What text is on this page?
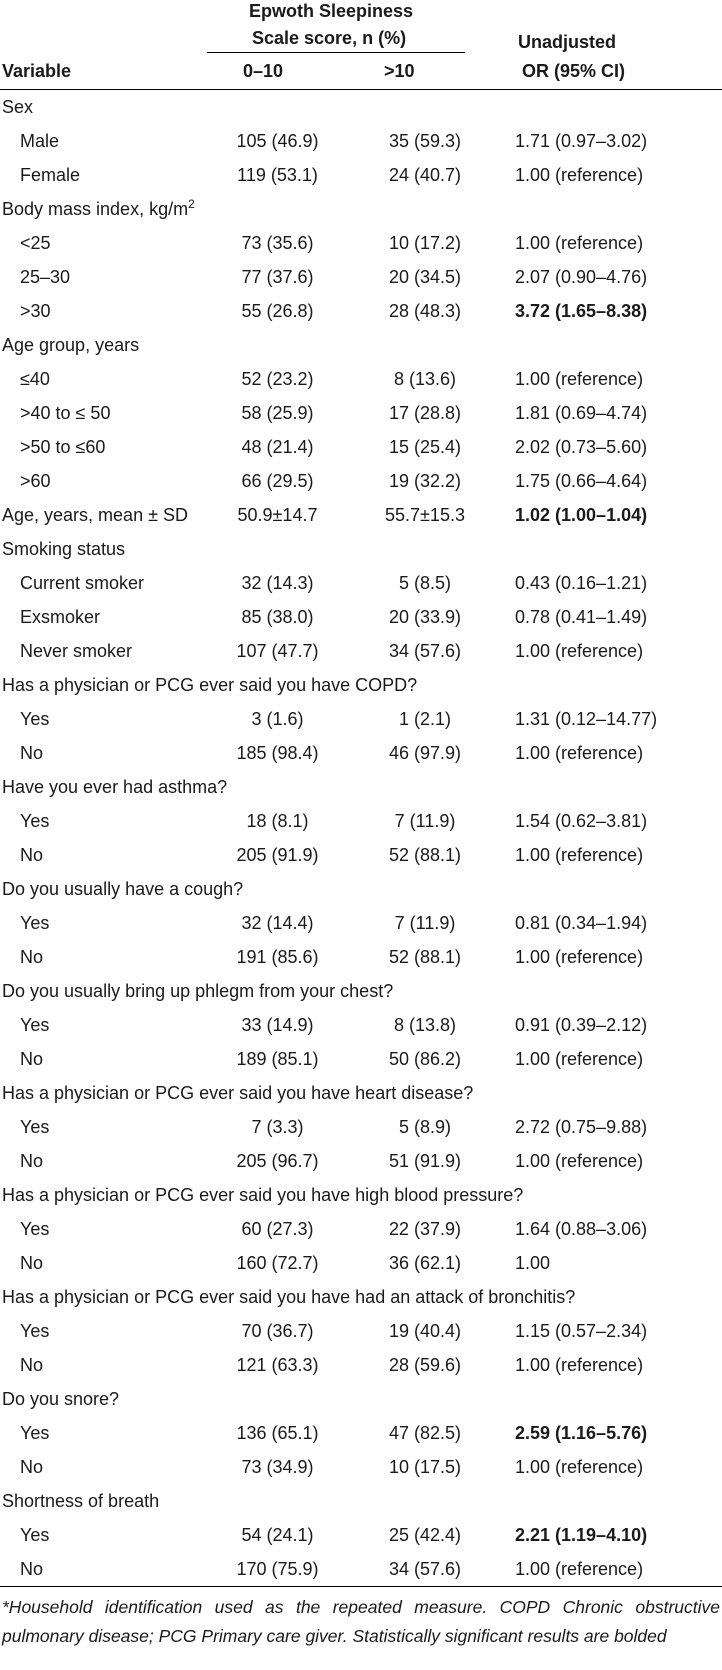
Epwoth Sleepiness
Scale score, n (%)	Unadjusted
OR (95% CI)
Variable	0–10	>10
Sex			
Male	105 (46.9)	35 (59.3)	1.71 (0.97–3.02)
Female	119 (53.1)	24 (40.7)	1.00 (reference)
Body mass index, $kg/m^2$
<25	73 (35.6)	10 (17.2)	1.00 (reference)
25–30	77 (37.6)	20 (34.5)	2.07 (0.90–4.76)
>30	55 (26.8)	28 (48.3)	3.72 (1.65–8.38)
Age group, years			
≤40	52 (23.2)	8 (13.6)	1.00 (reference)
>40 to ≤ 50	58 (25.9)	17 (28.8)	1.81 (0.69–4.74)
>50 to ≤60	48 (21.4)	15 (25.4)	2.02 (0.73–5.60)
>60	66 (29.5)	19 (32.2)	1.75 (0.66–4.64)
Age, years, mean ± SD	50.9±14.7	55.7±15.3	1.02 (1.00–1.04)
Smoking status			
Current smoker	32 (14.3)	5 (8.5)	0.43 (0.16–1.21)
Exsmoker	85 (38.0)	20 (33.9)	0.78 (0.41–1.49)
Never smoker	107 (47.7)	34 (57.6)	1.00 (reference)
Has a physician or PCG ever said you have COPD?			
Yes	3 (1.6)	1 (2.1)	1.31 (0.12–14.77)
No	185 (98.4)	46 (97.9)	1.00 (reference)
Have you ever had asthma?			
Yes	18 (8.1)	7 (11.9)	1.54 (0.62–3.81)
No	205 (91.9)	52 (88.1)	1.00 (reference)
Do you usually have a cough?			
Yes	32 (14.4)	7 (11.9)	0.81 (0.34–1.94)
No	191 (85.6)	52 (88.1)	1.00 (reference)
Do you usually bring up phlegm from your chest?			
Yes	33 (14.9)	8 (13.8)	0.91 (0.39–2.12)
No	189 (85.1)	50 (86.2)	1.00 (reference)
Has a physician or PCG ever said you have heart disease?			
Yes	7 (3.3)	5 (8.9)	2.72 (0.75–9.88)
No	205 (96.7)	51 (91.9)	1.00 (reference)
Has a physician or PCG ever said you have high blood pressure?			
Yes	60 (27.3)	22 (37.9)	1.64 (0.88–3.06)
No	160 (72.7)	36 (62.1)	1.00
Has a physician or PCG ever said you have had an attack of bronchitis?			
Yes	70 (36.7)	19 (40.4)	1.15 (0.57–2.34)
No	121 (63.3)	28 (59.6)	1.00 (reference)
Do you snore?			
Yes	136 (65.1)	47 (82.5)	2.59 (1.16–5.76)
No	73 (34.9)	10 (17.5)	1.00 (reference)
Shortness of breath			
Yes	54 (24.1)	25 (42.4)	2.21 (1.19–4.10)
No	170 (75.9)	34 (57.6)	1.00 (reference)
*Household identification used as the repeated measure. COPD Chronic obstructive pulmonary disease; PCG Primary care giver. Statistically significant results are bolded
